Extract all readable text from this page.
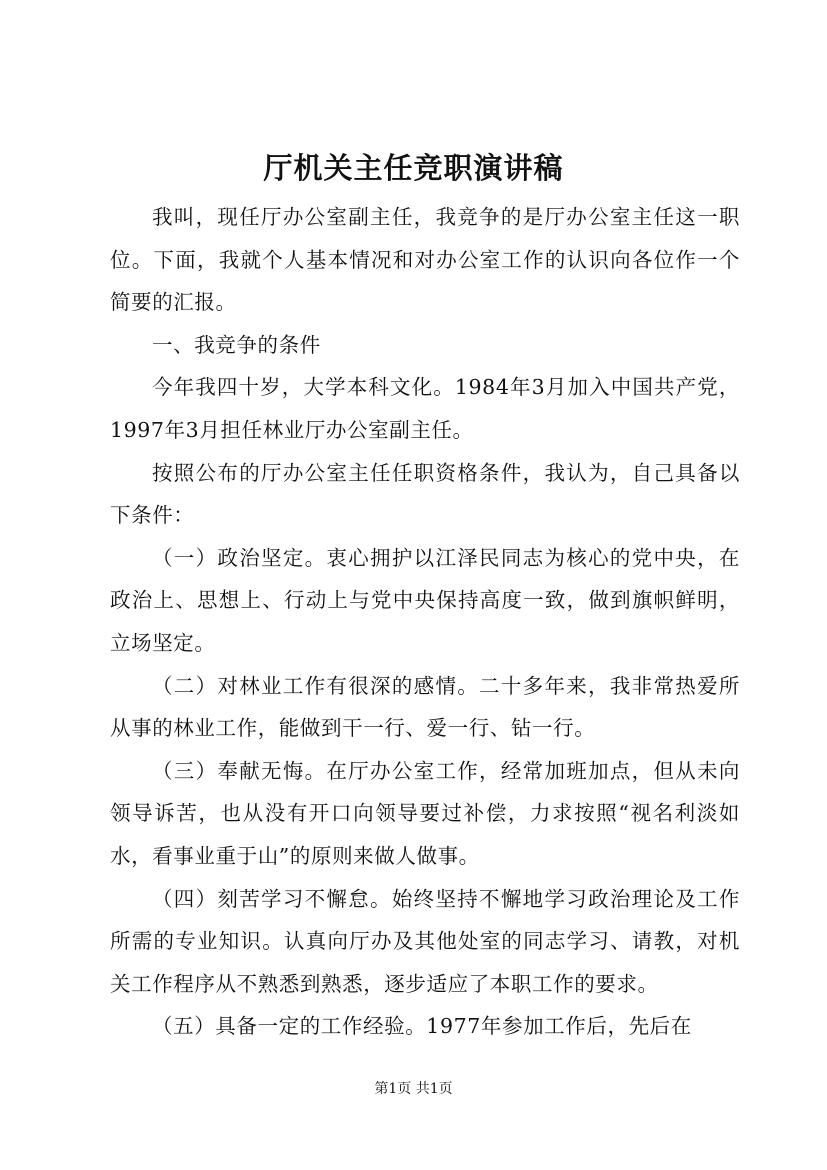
厅机关主任竞职演讲稿

我叫，现任厅办公室副主任，我竞争的是厅办公室主任这一职位。下面，我就个人基本情况和对办公室工作的认识向各位作一个简要的汇报。

一、我竞争的条件

今年我四十岁，大学本科文化。1984年3月加入中国共产党，1997年3月担任林业厅办公室副主任。

按照公布的厅办公室主任任职资格条件，我认为，自己具备以下条件：

（一）政治坚定。衷心拥护以江泽民同志为核心的党中央，在政治上、思想上、行动上与党中央保持高度一致，做到旗帜鲜明，立场坚定。

（二）对林业工作有很深的感情。二十多年来，我非常热爱所从事的林业工作，能做到干一行、爱一行、钻一行。

（三）奉献无悔。在厅办公室工作，经常加班加点，但从未向领导诉苦，也从没有开口向领导要过补偿，力求按照“视名利淡如水，看事业重于山”的原则来做人做事。

（四）刻苦学习不懈怠。始终坚持不懈地学习政治理论及工作所需的专业知识。认真向厅办及其他处室的同志学习、请教，对机关工作程序从不熟悉到熟悉，逐步适应了本职工作的要求。

（五）具备一定的工作经验。1977年参加工作后，先后在

第1页 共1页
